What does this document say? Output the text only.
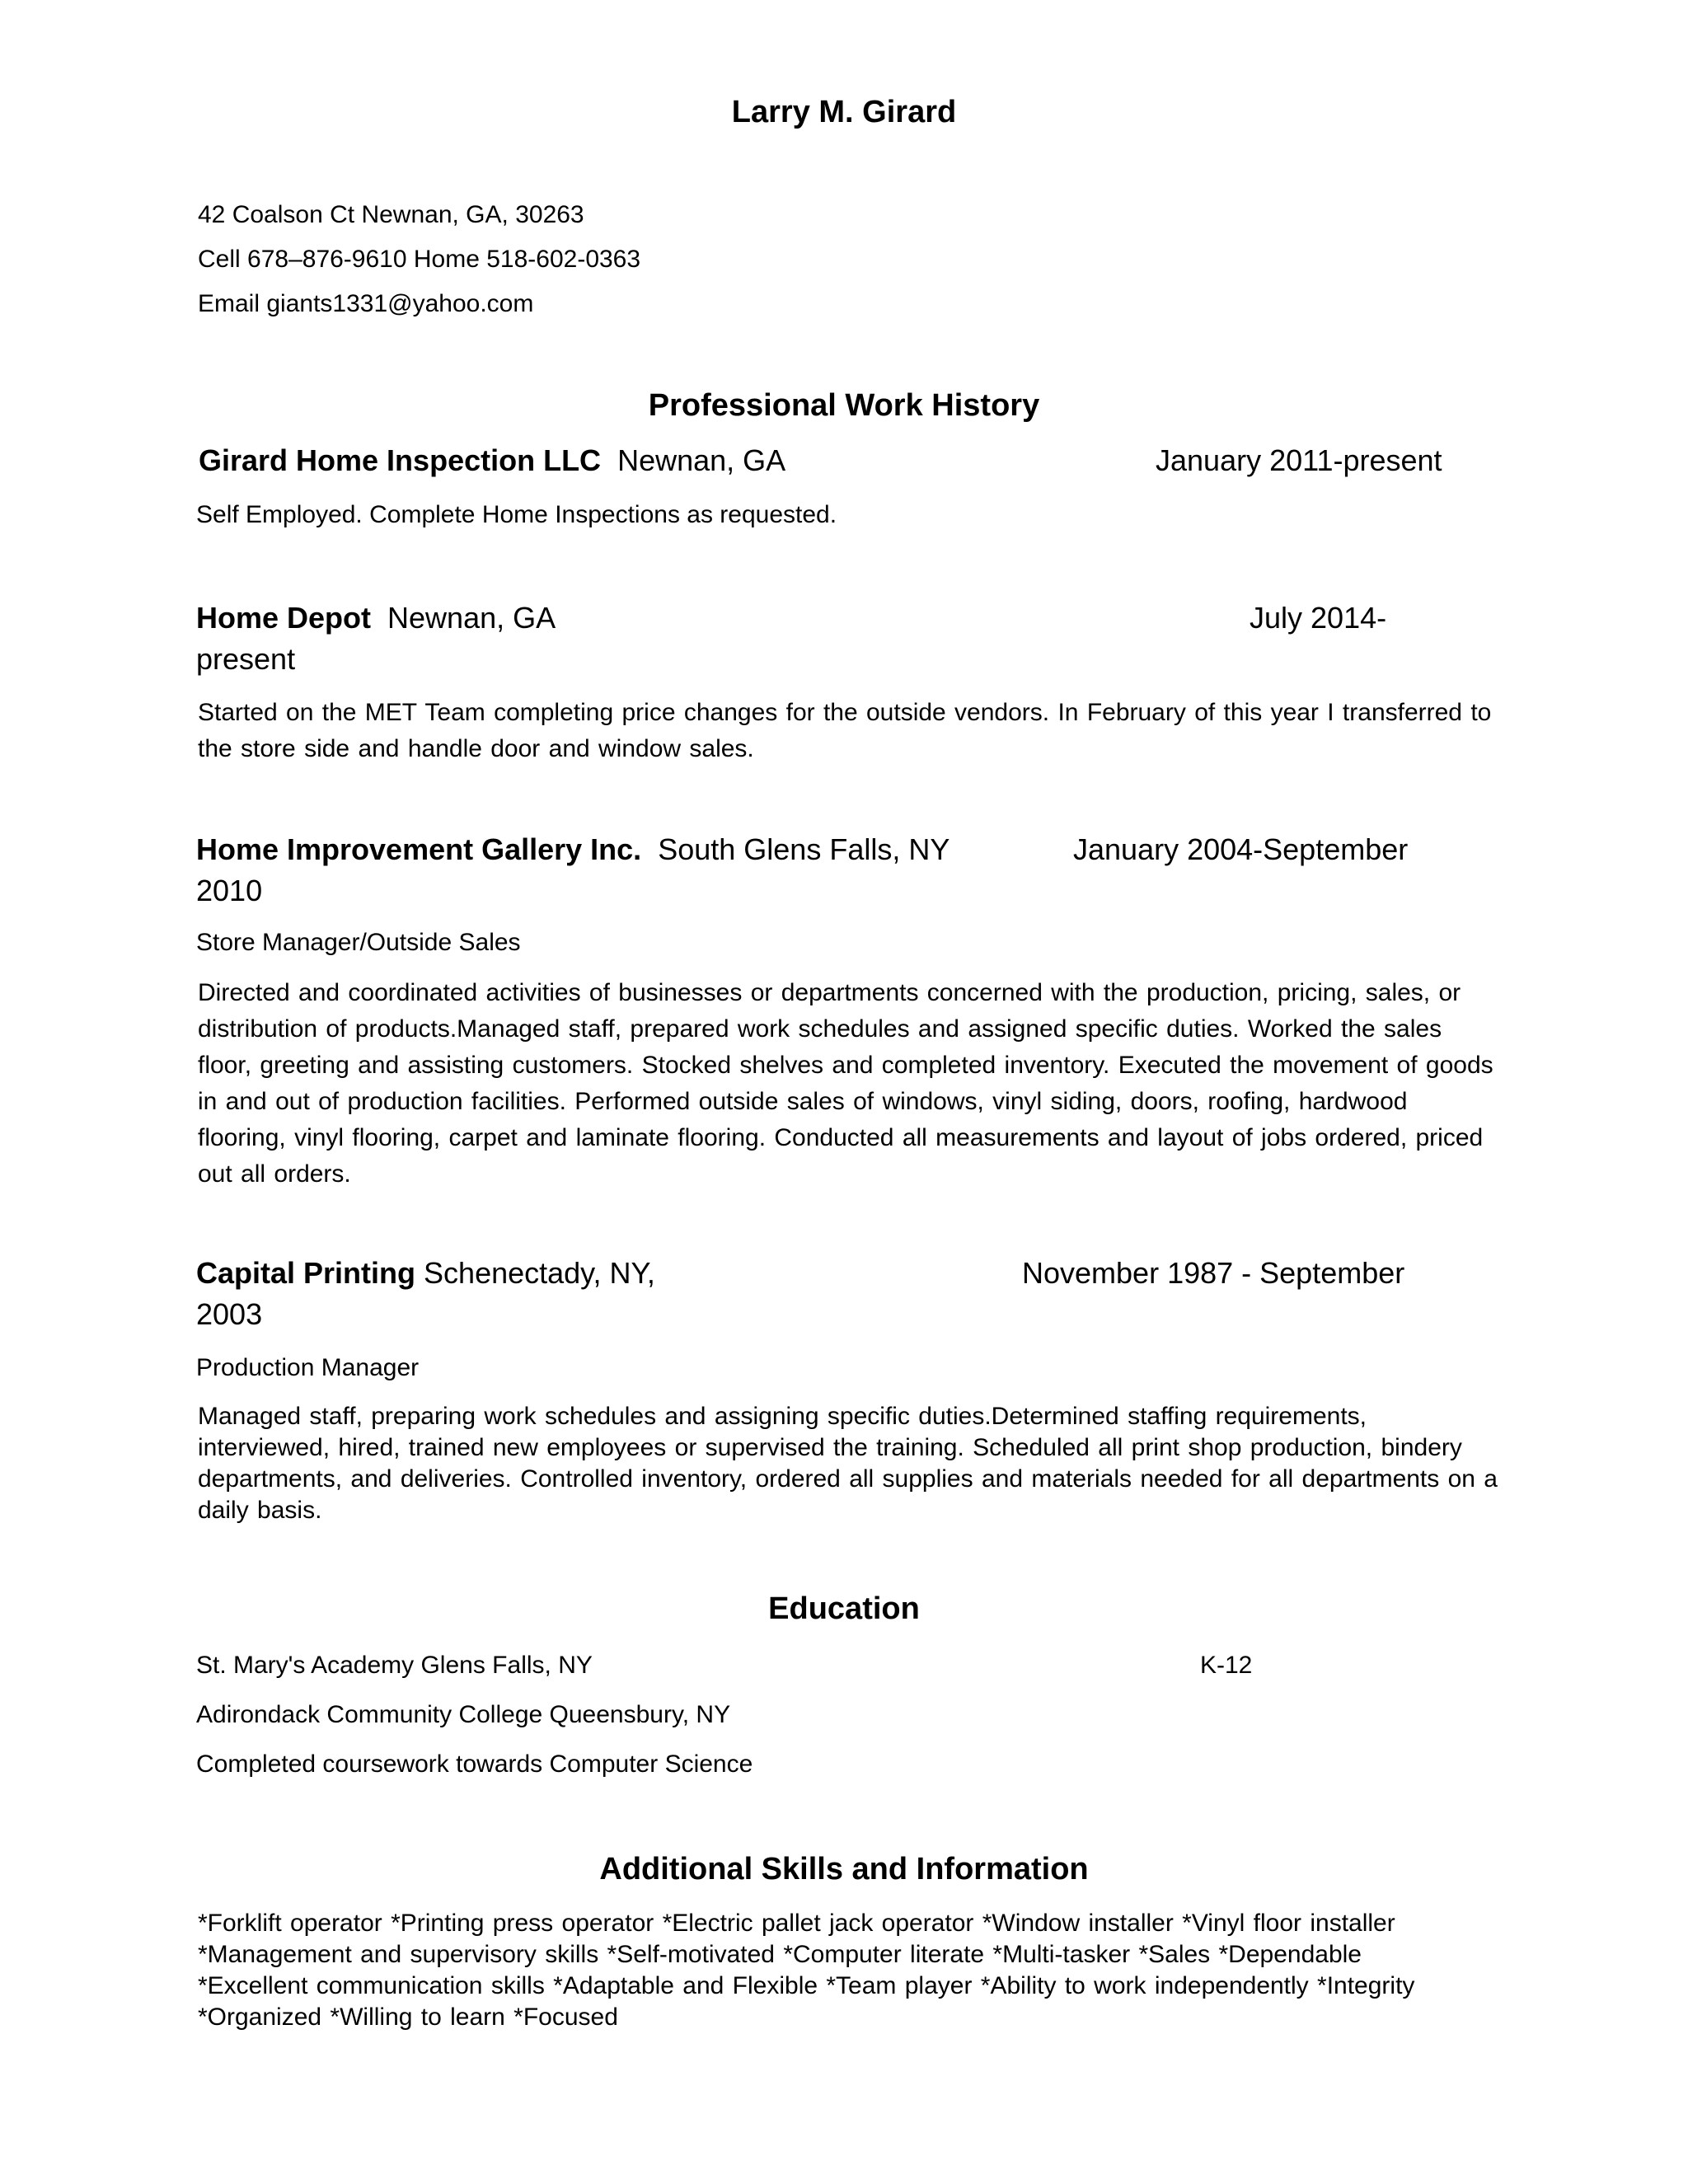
Larry M. Girard
42 Coalson Ct Newnan, GA, 30263
Cell 678–876-9610 Home 518-602-0363
Email giants1331@yahoo.com
Professional Work History
Girard Home Inspection LLC Newnan, GA	January 2011-present
Self Employed. Complete Home Inspections as requested.
Home Depot Newnan, GA	July 2014-
present
Started on the MET Team completing price changes for the outside vendors. In February of this year I transferred to the store side and handle door and window sales.
Home Improvement Gallery Inc. South Glens Falls, NY	January 2004-September
2010
Store Manager/Outside Sales
Directed and coordinated activities of businesses or departments concerned with the production, pricing, sales, or distribution of products.Managed staff, prepared work schedules and assigned specific duties. Worked the sales floor, greeting and assisting customers. Stocked shelves and completed inventory. Executed the movement of goods in and out of production facilities. Performed outside sales of windows, vinyl siding, doors, roofing, hardwood flooring, vinyl flooring, carpet and laminate flooring. Conducted all measurements and layout of jobs ordered, priced out all orders.
Capital Printing Schenectady, NY,	November 1987 - September
2003
Production Manager
Managed staff, preparing work schedules and assigning specific duties.Determined staffing requirements, interviewed, hired, trained new employees or supervised the training. Scheduled all print shop production, bindery departments, and deliveries. Controlled inventory, ordered all supplies and materials needed for all departments on a daily basis.
Education
St. Mary's Academy Glens Falls, NY	K-12
Adirondack Community College Queensbury, NY
Completed coursework towards Computer Science
Additional Skills and Information
*Forklift operator *Printing press operator *Electric pallet jack operator *Window installer *Vinyl floor installer *Management and supervisory skills *Self-motivated *Computer literate *Multi-tasker *Sales *Dependable *Excellent communication skills *Adaptable and Flexible *Team player *Ability to work independently *Integrity *Organized *Willing to learn *Focused
